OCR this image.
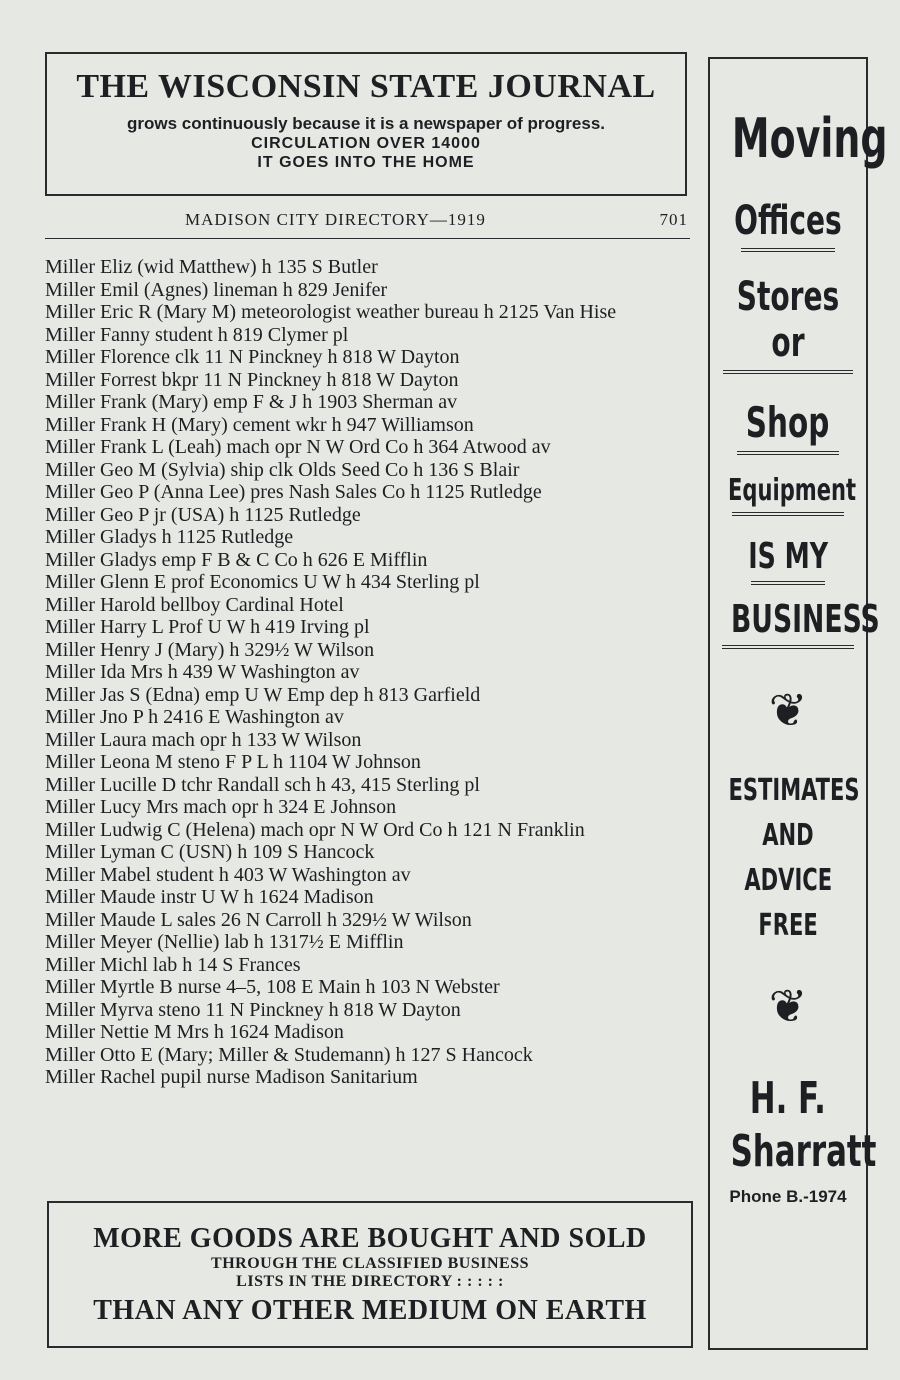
THE WISCONSIN STATE JOURNAL
grows continuously because it is a newspaper of progress.
CIRCULATION OVER 14000
IT GOES INTO THE HOME
MADISON CITY DIRECTORY—1919	701
Miller Eliz (wid Matthew) h 135 S Butler
Miller Emil (Agnes) lineman h 829 Jenifer
Miller Eric R (Mary M) meteorologist weather bureau h 2125 Van Hise
Miller Fanny student h 819 Clymer pl
Miller Florence clk 11 N Pinckney h 818 W Dayton
Miller Forrest bkpr 11 N Pinckney h 818 W Dayton
Miller Frank (Mary) emp F & J h 1903 Sherman av
Miller Frank H (Mary) cement wkr h 947 Williamson
Miller Frank L (Leah) mach opr N W Ord Co h 364 Atwood av
Miller Geo M (Sylvia) ship clk Olds Seed Co h 136 S Blair
Miller Geo P (Anna Lee) pres Nash Sales Co h 1125 Rutledge
Miller Geo P jr (USA) h 1125 Rutledge
Miller Gladys h 1125 Rutledge
Miller Gladys emp F B & C Co h 626 E Mifflin
Miller Glenn E prof Economics U W h 434 Sterling pl
Miller Harold bellboy Cardinal Hotel
Miller Harry L Prof U W h 419 Irving pl
Miller Henry J (Mary) h 329½ W Wilson
Miller Ida Mrs h 439 W Washington av
Miller Jas S (Edna) emp U W Emp dep h 813 Garfield
Miller Jno P h 2416 E Washington av
Miller Laura mach opr h 133 W Wilson
Miller Leona M steno F P L h 1104 W Johnson
Miller Lucille D tchr Randall sch h 43, 415 Sterling pl
Miller Lucy Mrs mach opr h 324 E Johnson
Miller Ludwig C (Helena) mach opr N W Ord Co h 121 N Franklin
Miller Lyman C (USN) h 109 S Hancock
Miller Mabel student h 403 W Washington av
Miller Maude instr U W h 1624 Madison
Miller Maude L sales 26 N Carroll h 329½ W Wilson
Miller Meyer (Nellie) lab h 1317½ E Mifflin
Miller Michl lab h 14 S Frances
Miller Myrtle B nurse 4–5, 108 E Main h 103 N Webster
Miller Myrva steno 11 N Pinckney h 818 W Dayton
Miller Nettie M Mrs h 1624 Madison
Miller Otto E (Mary; Miller & Studemann) h 127 S Hancock
Miller Rachel pupil nurse Madison Sanitarium
MORE GOODS ARE BOUGHT AND SOLD
THROUGH THE CLASSIFIED BUSINESS
LISTS IN THE DIRECTORY : : : : :
THAN ANY OTHER MEDIUM ON EARTH
Moving
Offices
Stores or
Shop
Equipment
IS MY
BUSINESS
❦
ESTIMATES
AND
ADVICE
FREE
❦
H. F.
Sharratt
Phone B.-1974
